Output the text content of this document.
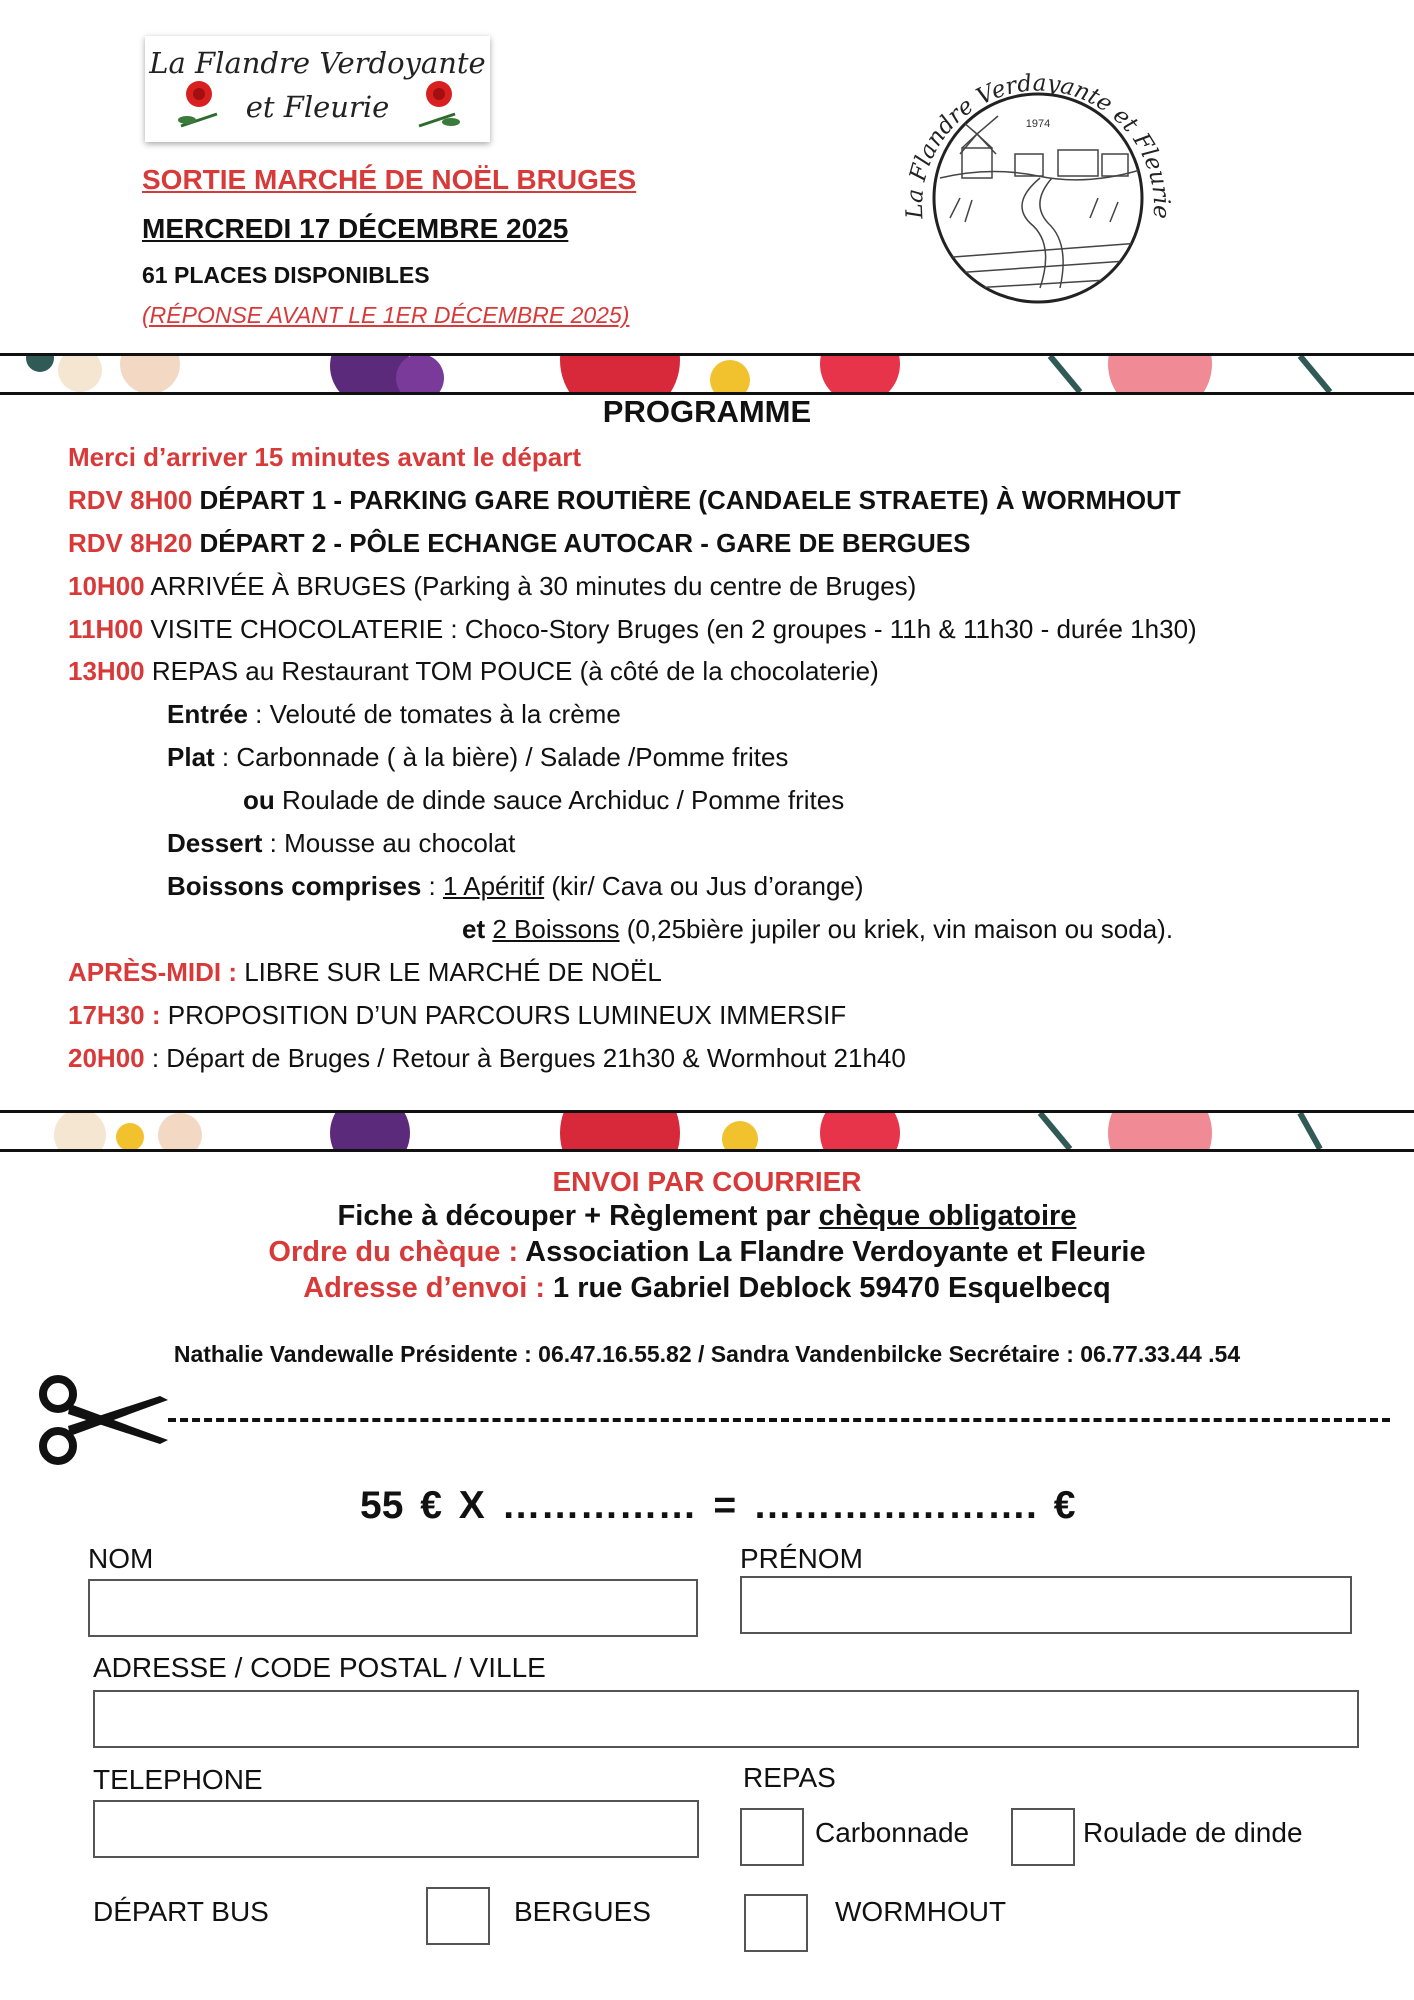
La Flandre Verdoyante
et Fleurie
SORTIE MARCHÉ DE NOËL BRUGES
MERCREDI 17 DÉCEMBRE 2025
61 PLACES DISPONIBLES
(RÉPONSE AVANT LE 1ER DÉCEMBRE 2025)
La Flandre Verdayante et Fleurie
1974
PROGRAMME
Merci d’arriver 15 minutes avant le départ
RDV 8H00 DÉPART 1 - PARKING GARE ROUTIÈRE (CANDAELE STRAETE) À WORMHOUT
RDV 8H20 DÉPART 2 - PÔLE ECHANGE AUTOCAR - GARE DE BERGUES
10H00 ARRIVÉE À BRUGES (Parking à 30 minutes du centre de Bruges)
11H00 VISITE CHOCOLATERIE : Choco-Story Bruges (en 2 groupes - 11h & 11h30 - durée 1h30)
13H00 REPAS au Restaurant TOM POUCE (à côté de la chocolaterie)
Entrée : Velouté de tomates à la crème
Plat : Carbonnade ( à la bière) / Salade /Pomme frites
ou Roulade de dinde sauce Archiduc / Pomme frites
Dessert : Mousse au chocolat
Boissons comprises : 1 Apéritif (kir/ Cava ou Jus d’orange)
et 2 Boissons (0,25bière jupiler ou kriek, vin maison ou soda).
APRÈS-MIDI : LIBRE SUR LE MARCHÉ DE NOËL
17H30 : PROPOSITION D’UN PARCOURS LUMINEUX IMMERSIF
20H00 : Départ de Bruges / Retour à Bergues 21h30 & Wormhout 21h40
ENVOI PAR COURRIER
Fiche à découper + Règlement par chèque obligatoire
Ordre du chèque : Association La Flandre Verdoyante et Fleurie
Adresse d’envoi : 1 rue Gabriel Deblock 59470 Esquelbecq
Nathalie Vandewalle Présidente : 06.47.16.55.82 / Sandra Vandenbilcke Secrétaire : 06.77.33.44 .54
55 € X …………… = …………………. €
NOM	PRÉNOM
ADRESSE / CODE POSTAL / VILLE
TELEPHONE	REPAS
Carbonnade	Roulade de dinde
DÉPART BUS	BERGUES	WORMHOUT
